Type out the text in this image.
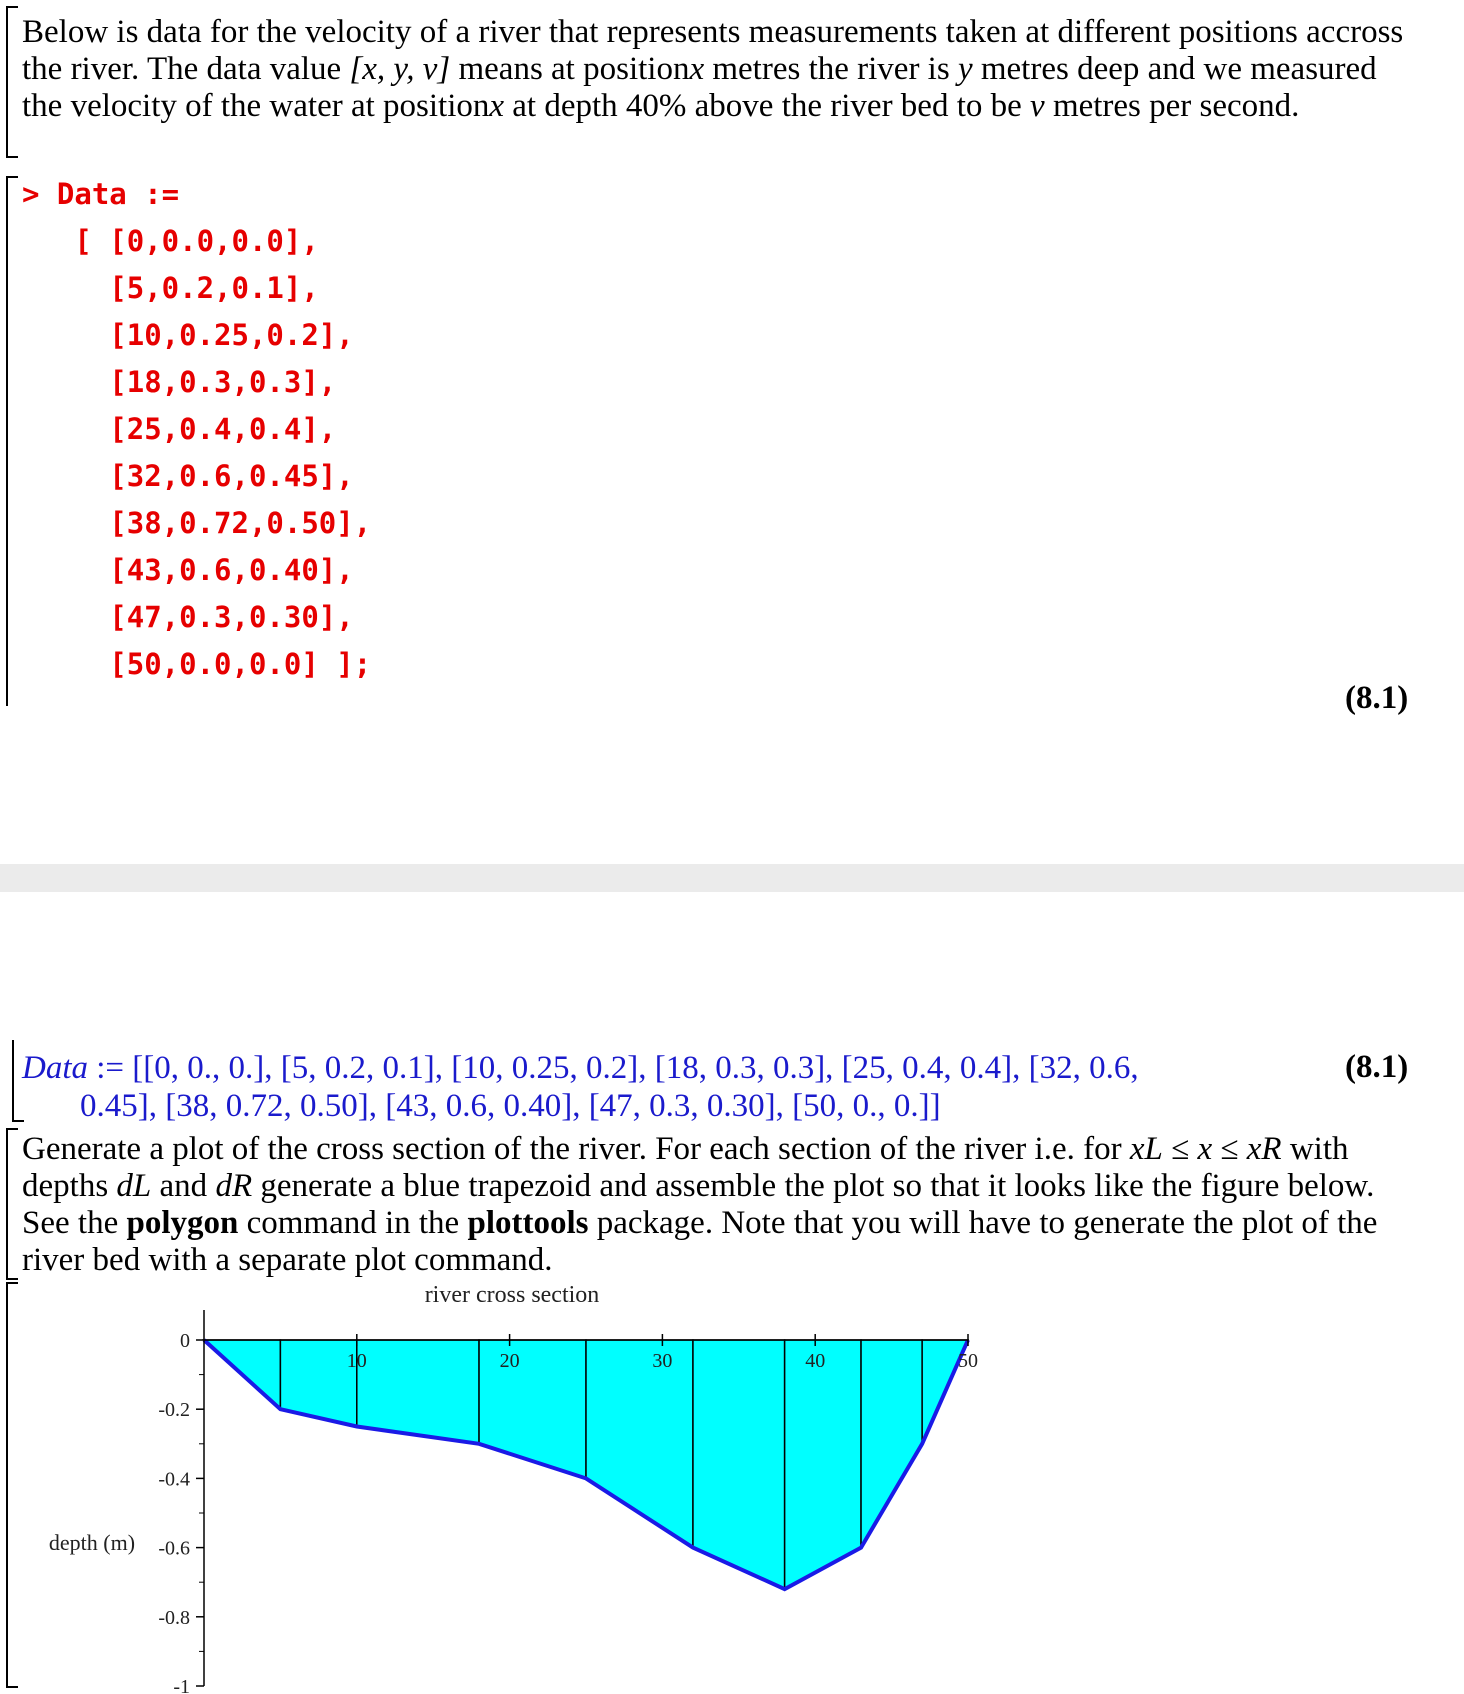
Below is data for the velocity of a river that represents measurements taken at different positions accross the river. The data value [x, y, v] means at positionx metres the river is y metres deep and we measured the velocity of the water at positionx at depth 40% above the river bed to be v metres per second.

> Data :=
[ [0,0.0,0.0],
[5,0.2,0.1],
[10,0.25,0.2],
[18,0.3,0.3],
[25,0.4,0.4],
[32,0.6,0.45],
[38,0.72,0.50],
[43,0.6,0.40],
[47,0.3,0.30],
[50,0.0,0.0] ];
(8.1)
Data := [[0, 0., 0.], [5, 0.2, 0.1], [10, 0.25, 0.2], [18, 0.3, 0.3], [25, 0.4, 0.4], [32, 0.6,
0.45], [38, 0.72, 0.50], [43, 0.6, 0.40], [47, 0.3, 0.30], [50, 0., 0.]]
(8.1)

Generate a plot of the cross section of the river. For each section of the river i.e. for xL ≤ x ≤ xR with depths dL and dR generate a blue trapezoid and assemble the plot so that it looks like the figure below. See the polygon command in the plottools package. Note that you will have to generate the plot of the river bed with a separate plot command.

river cross section
depth (m)
0
-0.2
-0.4
-0.6
-0.8
-1
10	20	30	40	50
